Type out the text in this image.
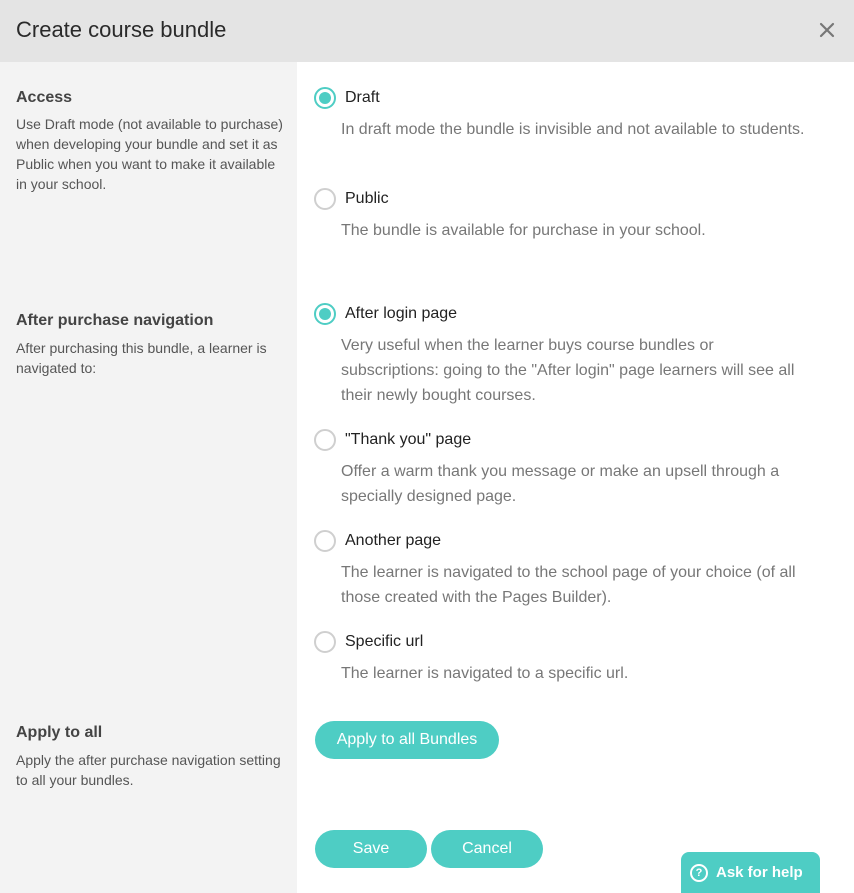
Create course bundle
Access
Use Draft mode (not available to purchase) when developing your bundle and set it as Public when you want to make it available in your school.
After purchase navigation
After purchasing this bundle, a learner is navigated to:
Apply to all
Apply the after purchase navigation setting to all your bundles.
Draft
In draft mode the bundle is invisible and not available to students.
Public
The bundle is available for purchase in your school.
After login page
Very useful when the learner buys course bundles or subscriptions: going to the "After login" page learners will see all their newly bought courses.
"Thank you" page
Offer a warm thank you message or make an upsell through a specially designed page.
Another page
The learner is navigated to the school page of your choice (of all those created with the Pages Builder).
Specific url
The learner is navigated to a specific url.
Apply to all Bundles
Save	Cancel
? Ask for help
